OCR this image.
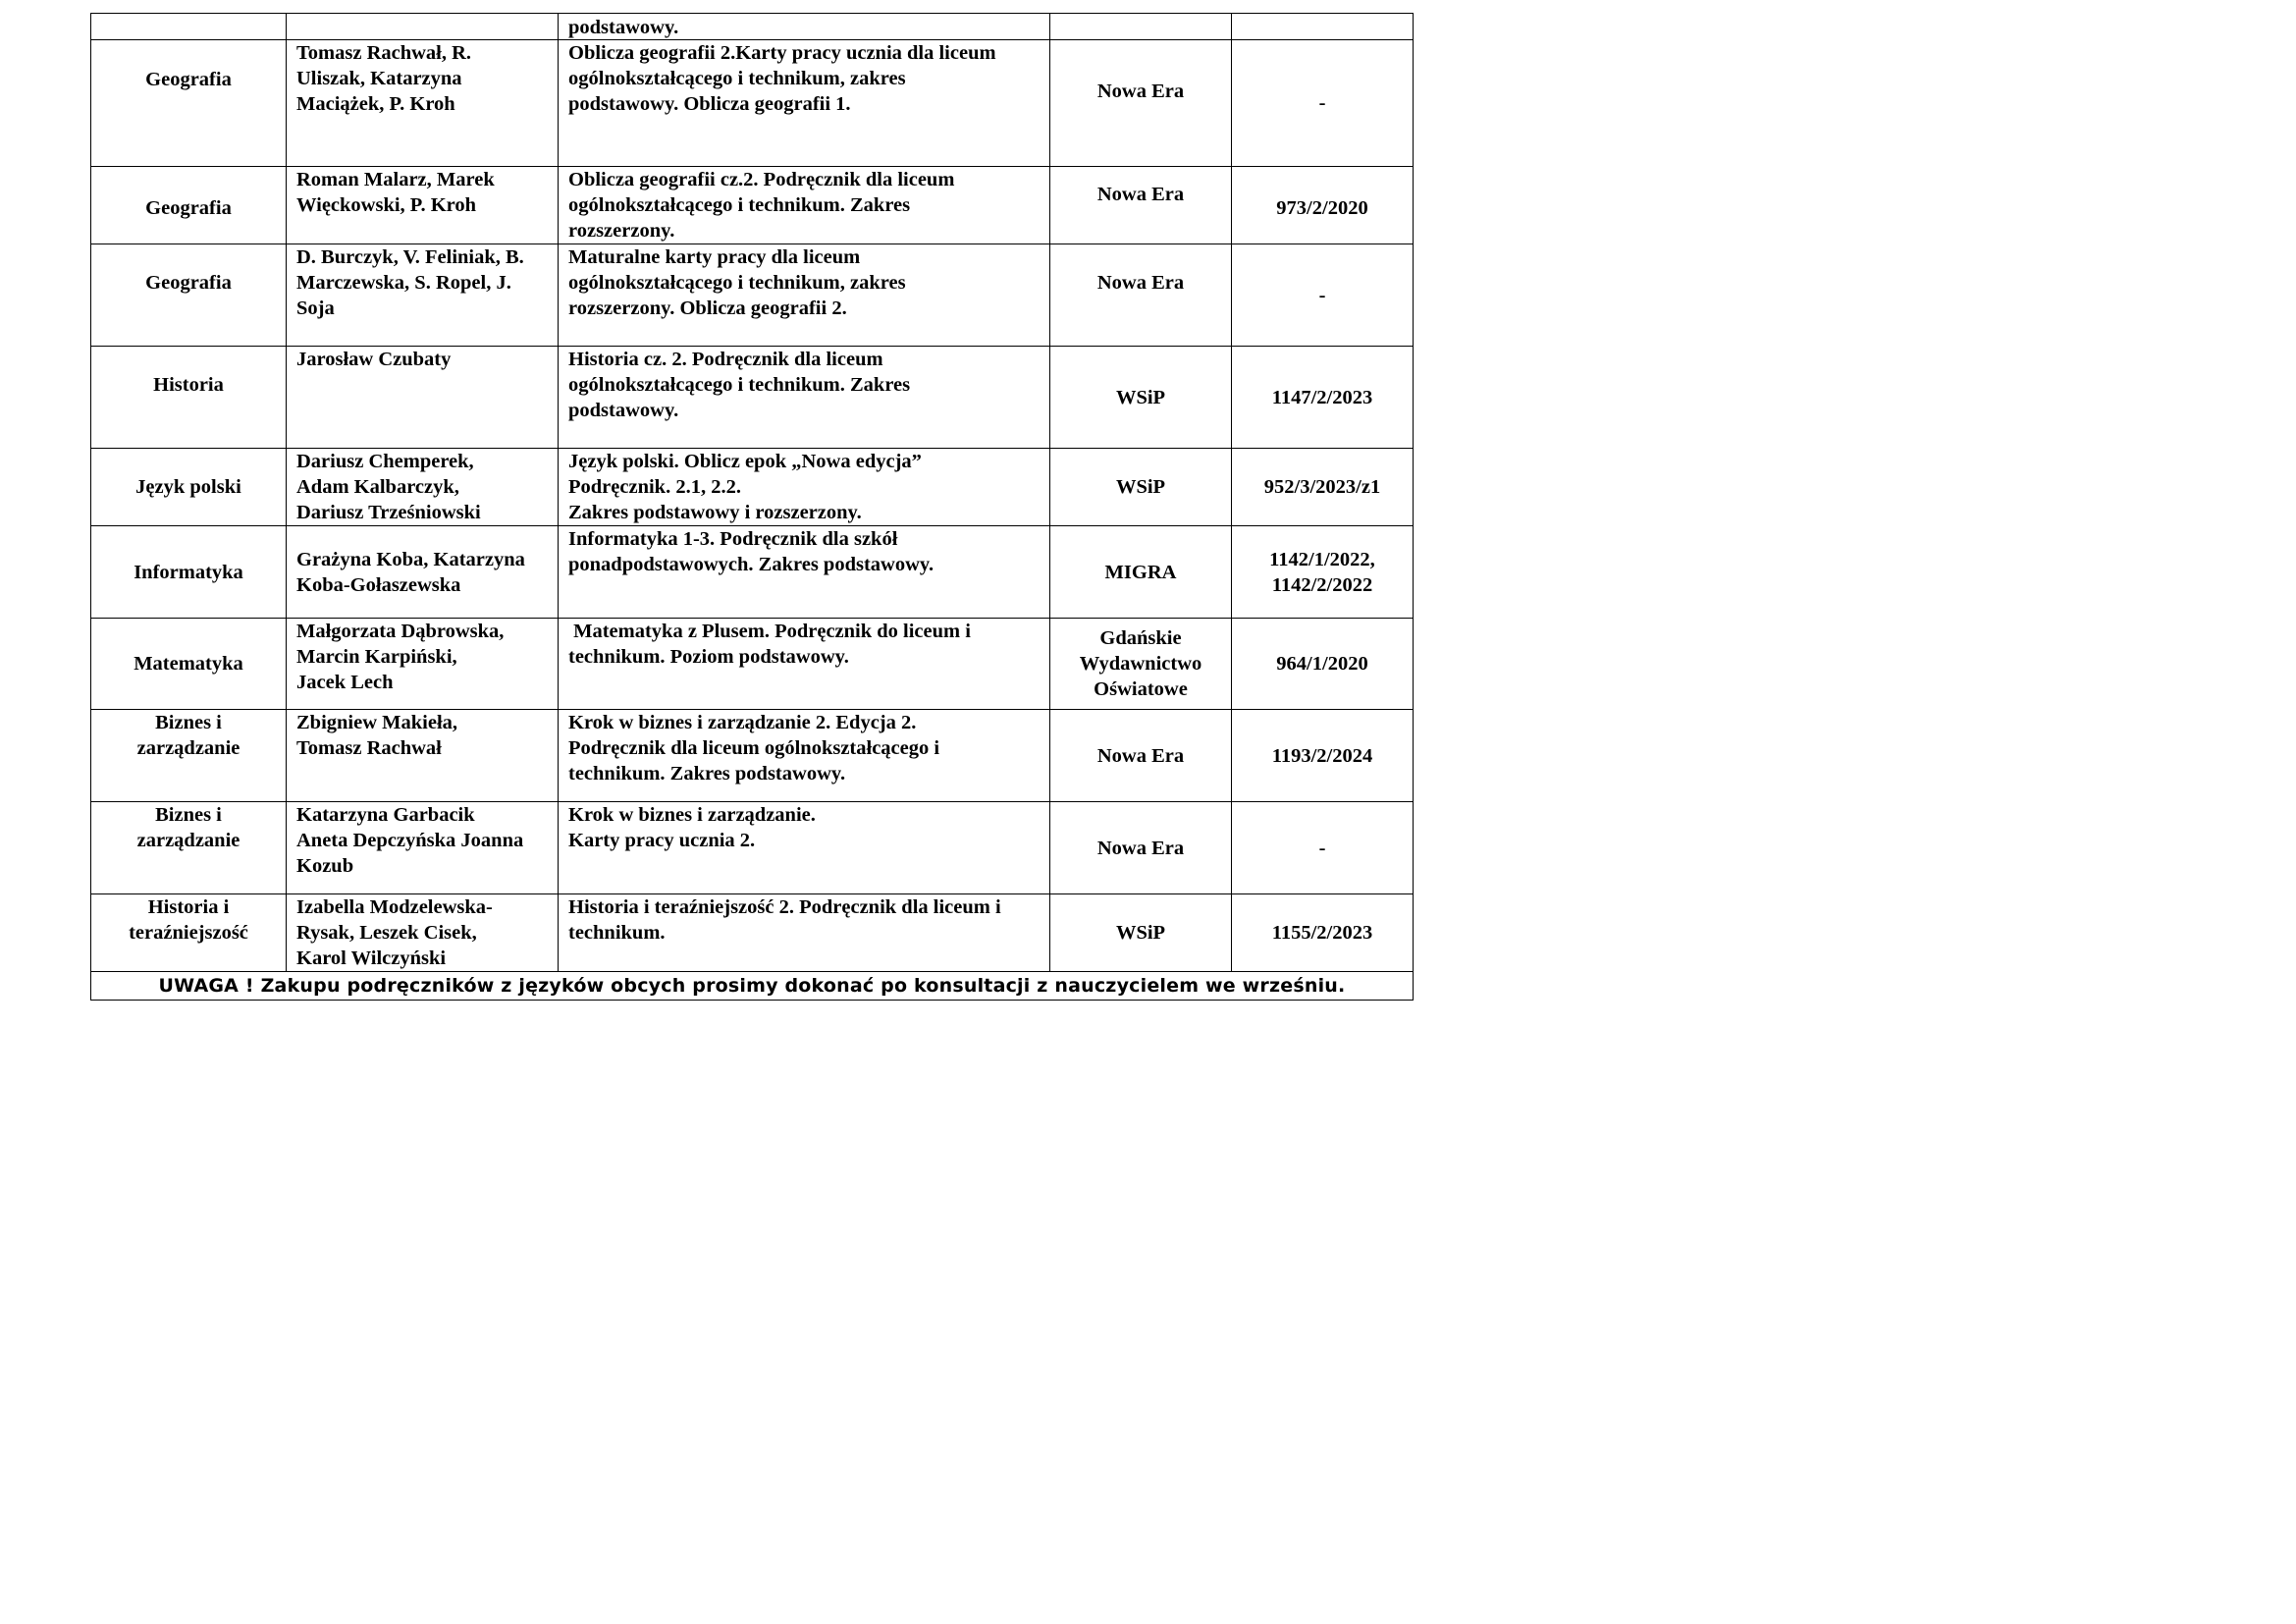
		podstawowy.		
Geografia	Tomasz Rachwał, R.
Uliszak, Katarzyna
Maciążek, P. Kroh	Oblicza geografii 2.Karty pracy ucznia dla liceum
ogólnokształcącego i technikum, zakres
podstawowy. Oblicza geografii 1.	Nowa Era	-
Geografia	Roman Malarz, Marek
Więckowski, P. Kroh	Oblicza geografii cz.2. Podręcznik dla liceum
ogólnokształcącego i technikum. Zakres
rozszerzony.	Nowa Era	973/2/2020
Geografia	D. Burczyk, V. Feliniak, B.
Marczewska, S. Ropel, J.
Soja	Maturalne karty pracy dla liceum
ogólnokształcącego i technikum, zakres
rozszerzony. Oblicza geografii 2.	Nowa Era	-
Historia	Jarosław Czubaty	Historia cz. 2. Podręcznik dla liceum
ogólnokształcącego i technikum. Zakres
podstawowy.	WSiP	1147/2/2023
Język polski	Dariusz Chemperek,
Adam Kalbarczyk,
Dariusz Trześniowski	Język polski. Oblicz epok „Nowa edycja”
Podręcznik. 2.1, 2.2.
Zakres podstawowy i rozszerzony.	WSiP	952/3/2023/z1
Informatyka	Grażyna Koba, Katarzyna
Koba-Gołaszewska	Informatyka 1-3. Podręcznik dla szkół
ponadpodstawowych. Zakres podstawowy.	MIGRA	1142/1/2022,
1142/2/2022
Matematyka	Małgorzata Dąbrowska,
Marcin Karpiński,
Jacek Lech	Matematyka z Plusem. Podręcznik do liceum i
technikum. Poziom podstawowy.	Gdańskie
Wydawnictwo
Oświatowe	964/1/2020
Biznes i
zarządzanie	Zbigniew Makieła,
Tomasz Rachwał	Krok w biznes i zarządzanie 2. Edycja 2.
Podręcznik dla liceum ogólnokształcącego i
technikum. Zakres podstawowy.	Nowa Era	1193/2/2024
Biznes i
zarządzanie	Katarzyna Garbacik
Aneta Depczyńska Joanna
Kozub	Krok w biznes i zarządzanie.
Karty pracy ucznia 2.	Nowa Era	-
Historia i
teraźniejszość	Izabella Modzelewska-
Rysak, Leszek Cisek,
Karol Wilczyński	Historia i teraźniejszość 2. Podręcznik dla liceum i
technikum.	WSiP	1155/2/2023
UWAGA ! Zakupu podręczników z języków obcych prosimy dokonać po konsultacji z nauczycielem we wrześniu.				
